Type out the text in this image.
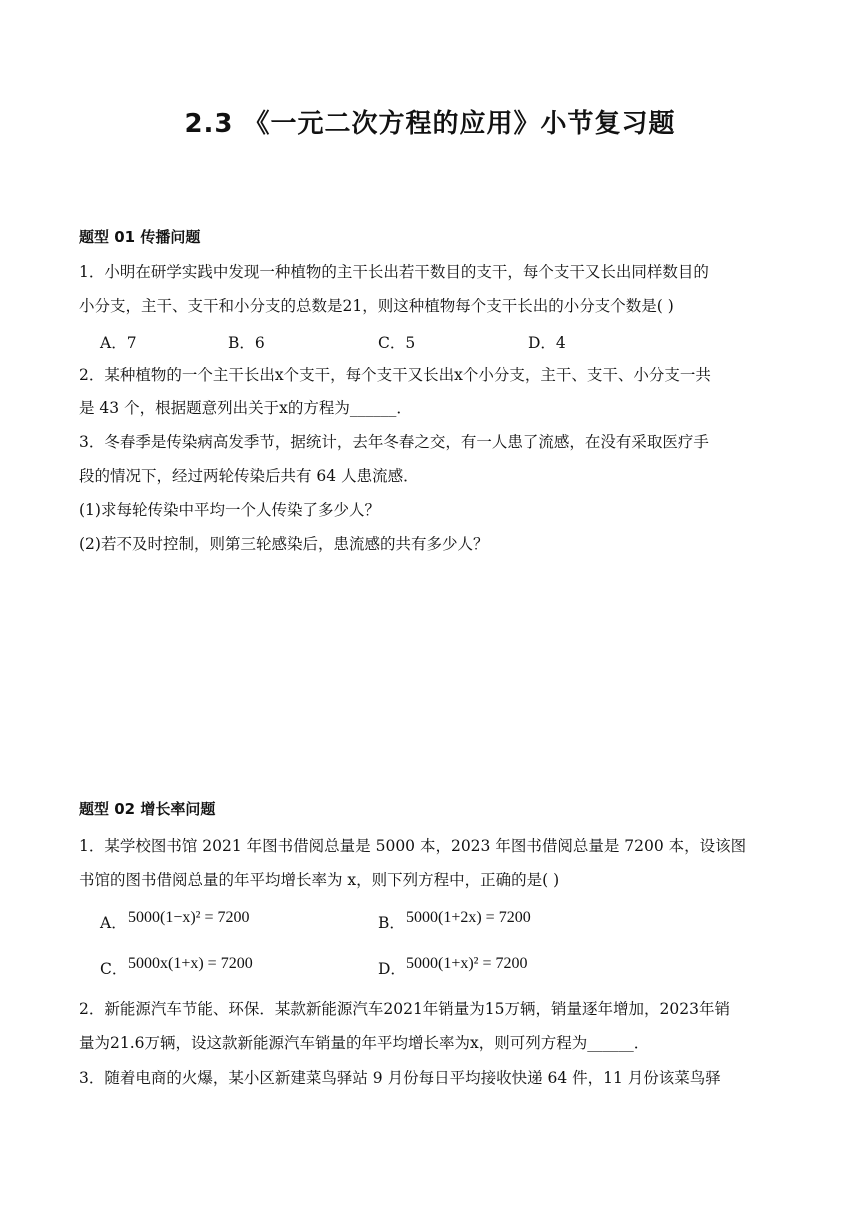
2.3 《一元二次方程的应用》小节复习题
题型 01 传播问题
1．小明在研学实践中发现一种植物的主干长出若干数目的支干，每个支干又长出同样数目的
小分支，主干、支干和小分支的总数是21，则这种植物每个支干长出的小分支个数是( )
A．7	B．6	C．5	D．4
2．某种植物的一个主干长出x个支干，每个支干又长出x个小分支，主干、支干、小分支一共
是 43 个，根据题意列出关于x的方程为______．
3．冬春季是传染病高发季节，据统计，去年冬春之交，有一人患了流感，在没有采取医疗手
段的情况下，经过两轮传染后共有 64 人患流感．
(1)求每轮传染中平均一个人传染了多少人？
(2)若不及时控制，则第三轮感染后，患流感的共有多少人？
题型 02 增长率问题
1．某学校图书馆 2021 年图书借阅总量是 5000 本，2023 年图书借阅总量是 7200 本，设该图
书馆的图书借阅总量的年平均增长率为 x，则下列方程中，正确的是( )
A． 5000(1−x)² = 7200	B． 5000(1+2x) = 7200
C． 5000x(1+x) = 7200	D． 5000(1+x)² = 7200
2．新能源汽车节能、环保．某款新能源汽车2021年销量为15万辆，销量逐年增加，2023年销
量为21.6万辆，设这款新能源汽车销量的年平均增长率为x，则可列方程为______．
3．随着电商的火爆，某小区新建菜鸟驿站 9 月份每日平均接收快递 64 件，11 月份该菜鸟驿
